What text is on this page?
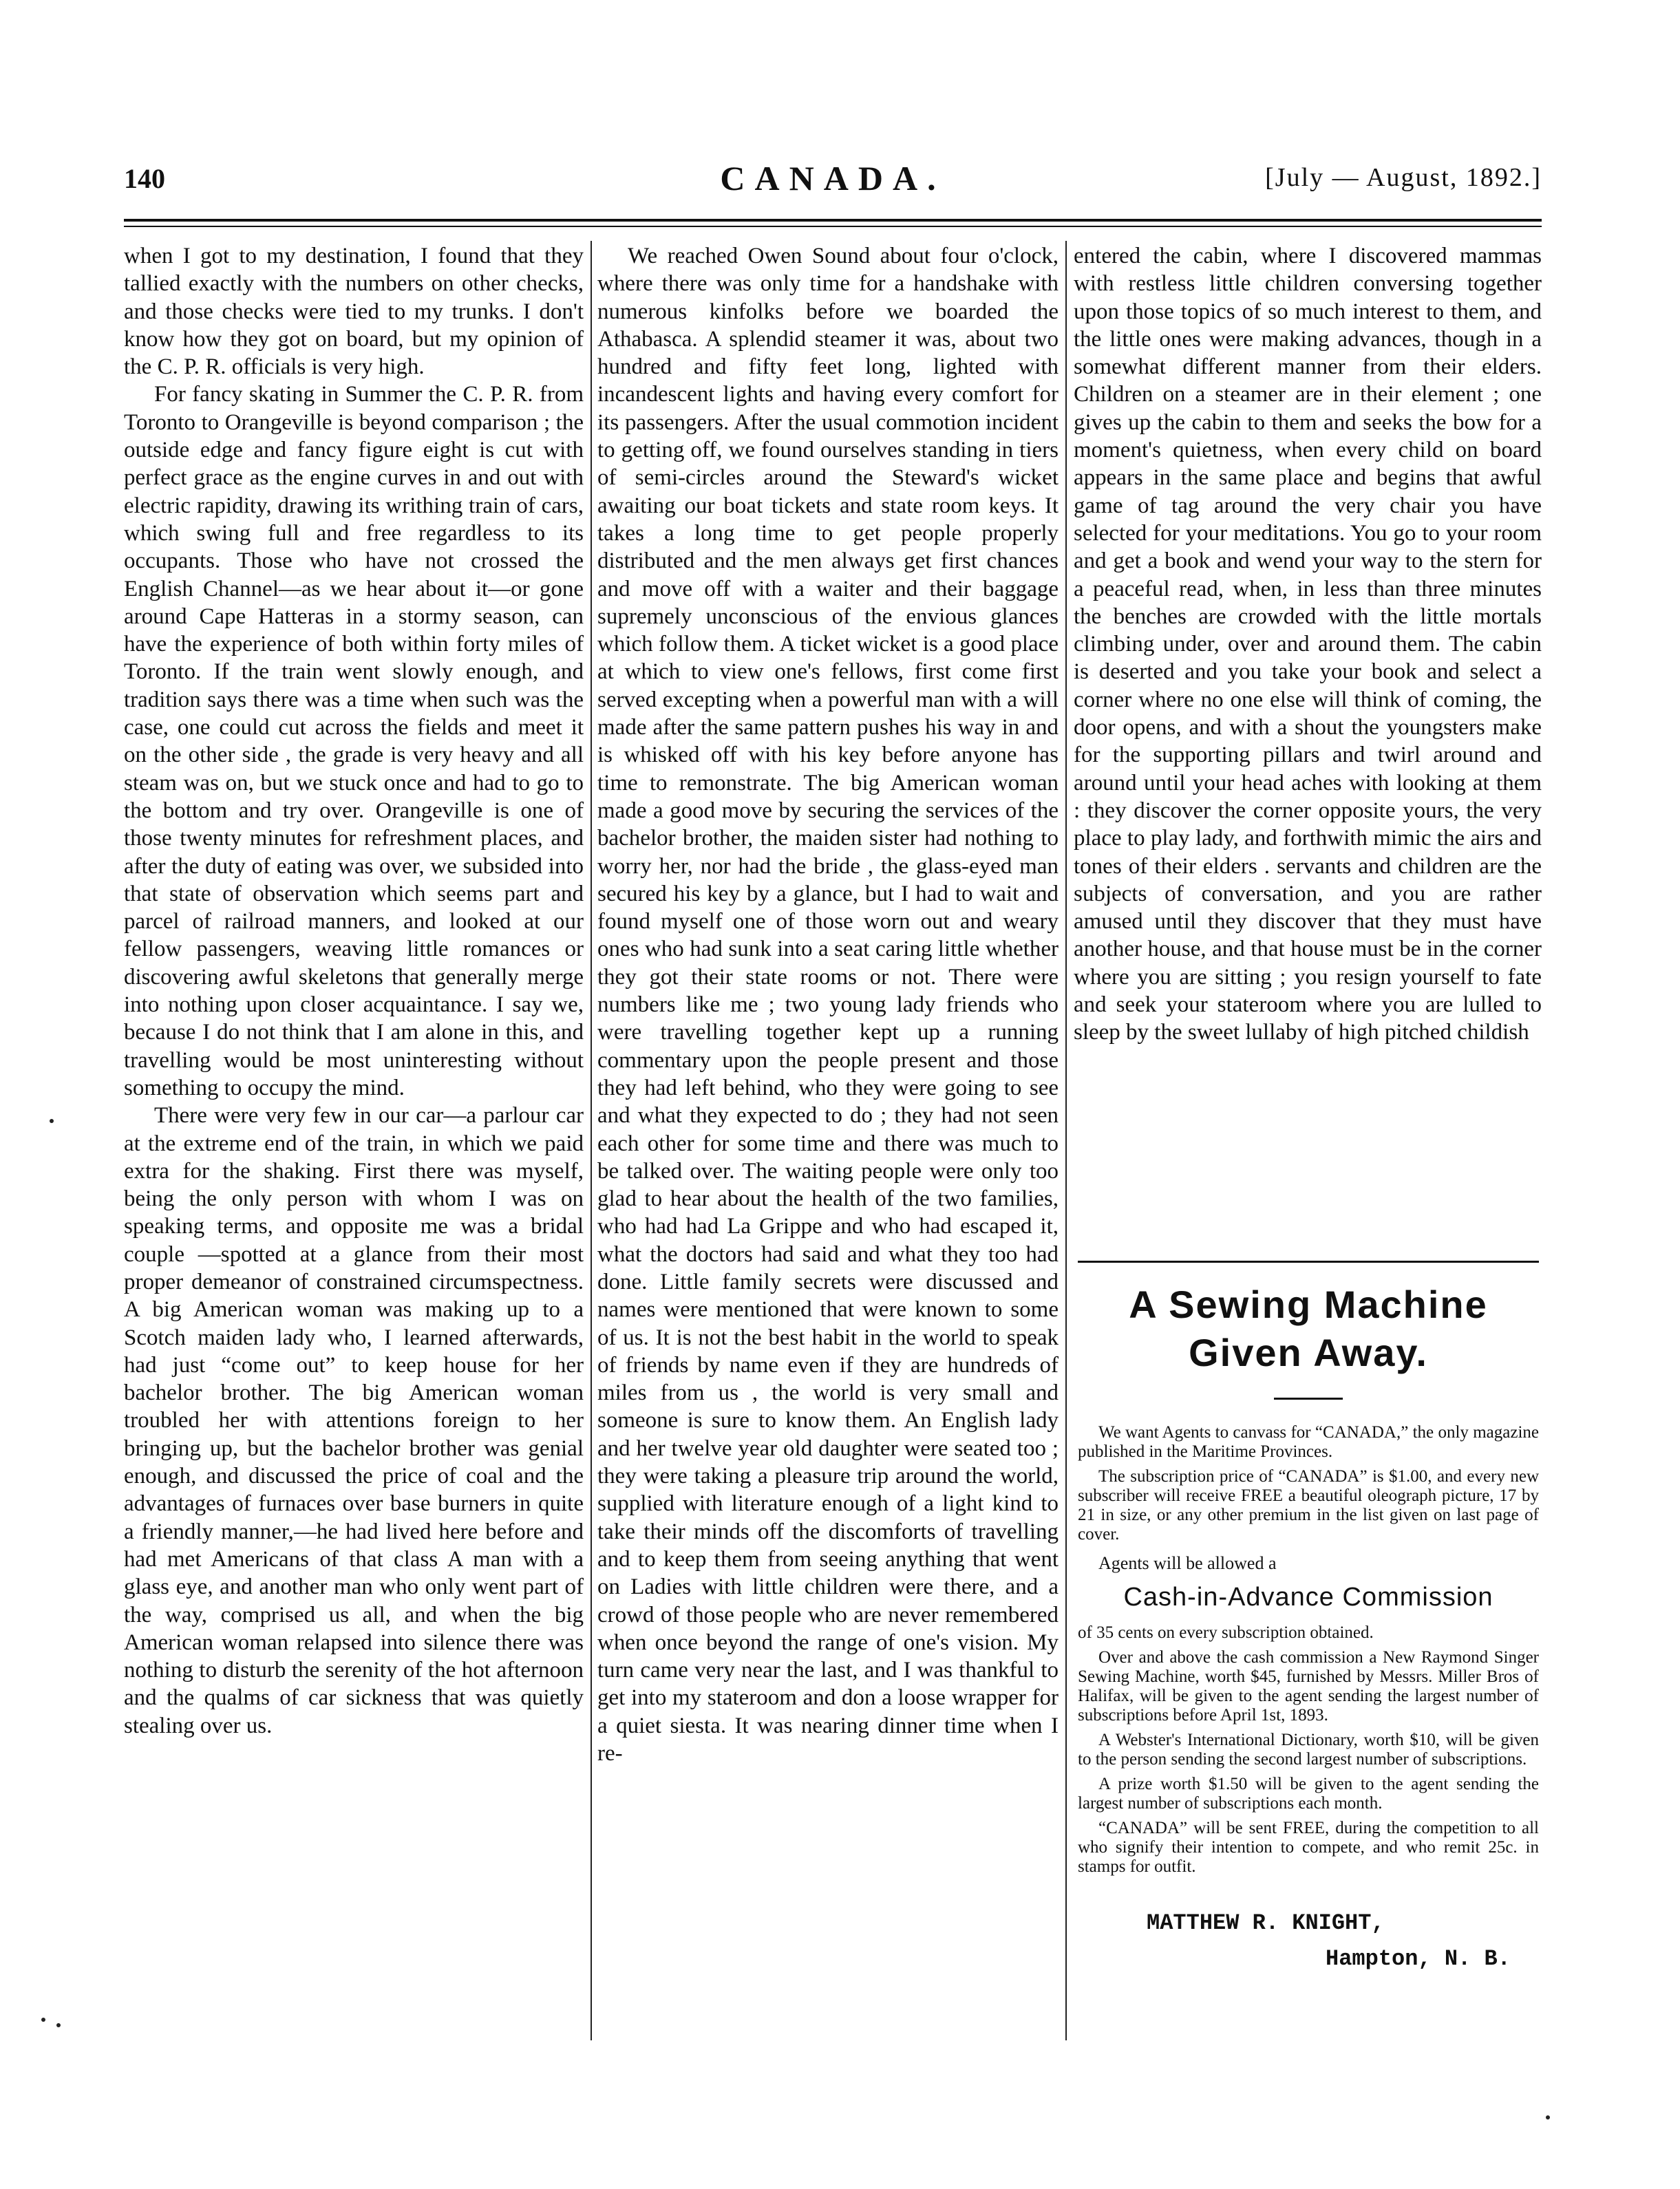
140	CANADA.	[July — August, 1892.]

when I got to my destination, I found that they tallied exactly with the numbers on other checks, and those checks were tied to my trunks. I don't know how they got on board, but my opinion of the C. P. R. officials is very high.

For fancy skating in Summer the C. P. R. from Toronto to Orangeville is beyond comparison ; the outside edge and fancy figure eight is cut with perfect grace as the engine curves in and out with electric rapidity, drawing its writhing train of cars, which swing full and free regardless to its occupants. Those who have not crossed the English Channel—as we hear about it—or gone around Cape Hatteras in a stormy season, can have the experience of both within forty miles of Toronto. If the train went slowly enough, and tradition says there was a time when such was the case, one could cut across the fields and meet it on the other side , the grade is very heavy and all steam was on, but we stuck once and had to go to the bottom and try over. Orangeville is one of those twenty minutes for refreshment places, and after the duty of eating was over, we subsided into that state of observation which seems part and parcel of railroad manners, and looked at our fellow passengers, weaving little romances or discovering awful skeletons that generally merge into nothing upon closer acquaintance. I say we, because I do not think that I am alone in this, and travelling would be most uninteresting without something to occupy the mind.

There were very few in our car—a parlour car at the extreme end of the train, in which we paid extra for the shaking. First there was myself, being the only person with whom I was on speaking terms, and opposite me was a bridal couple —spotted at a glance from their most proper demeanor of constrained circumspectness. A big American woman was making up to a Scotch maiden lady who, I learned afterwards, had just “come out” to keep house for her bachelor brother. The big American woman troubled her with attentions foreign to her bringing up, but the bachelor brother was genial enough, and discussed the price of coal and the advantages of furnaces over base burners in quite a friendly manner,—he had lived here before and had met Americans of that class A man with a glass eye, and another man who only went part of the way, comprised us all, and when the big American woman relapsed into silence there was nothing to disturb the serenity of the hot afternoon and the qualms of car sickness that was quietly stealing over us.

We reached Owen Sound about four o'clock, where there was only time for a handshake with numerous kinfolks before we boarded the Athabasca. A splendid steamer it was, about two hundred and fifty feet long, lighted with incandescent lights and having every comfort for its passengers. After the usual commotion incident to getting off, we found ourselves standing in tiers of semi-circles around the Steward's wicket awaiting our boat tickets and state room keys. It takes a long time to get people properly distributed and the men always get first chances and move off with a waiter and their baggage supremely unconscious of the envious glances which follow them. A ticket wicket is a good place at which to view one's fellows, first come first served excepting when a powerful man with a will made after the same pattern pushes his way in and is whisked off with his key before anyone has time to remonstrate. The big American woman made a good move by securing the services of the bachelor brother, the maiden sister had nothing to worry her, nor had the bride , the glass-eyed man secured his key by a glance, but I had to wait and found myself one of those worn out and weary ones who had sunk into a seat caring little whether they got their state rooms or not. There were numbers like me ; two young lady friends who were travelling together kept up a running commentary upon the people present and those they had left behind, who they were going to see and what they expected to do ; they had not seen each other for some time and there was much to be talked over. The waiting people were only too glad to hear about the health of the two families, who had had La Grippe and who had escaped it, what the doctors had said and what they too had done. Little family secrets were discussed and names were mentioned that were known to some of us. It is not the best habit in the world to speak of friends by name even if they are hundreds of miles from us , the world is very small and someone is sure to know them. An English lady and her twelve year old daughter were seated too ; they were taking a pleasure trip around the world, supplied with literature enough of a light kind to take their minds off the discomforts of travelling and to keep them from seeing anything that went on Ladies with little children were there, and a crowd of those people who are never remembered when once beyond the range of one's vision. My turn came very near the last, and I was thankful to get into my stateroom and don a loose wrapper for a quiet siesta. It was nearing dinner time when I re-

entered the cabin, where I discovered mammas with restless little children conversing together upon those topics of so much interest to them, and the little ones were making advances, though in a somewhat different manner from their elders. Children on a steamer are in their element ; one gives up the cabin to them and seeks the bow for a moment's quietness, when every child on board appears in the same place and begins that awful game of tag around the very chair you have selected for your meditations. You go to your room and get a book and wend your way to the stern for a peaceful read, when, in less than three minutes the benches are crowded with the little mortals climbing under, over and around them. The cabin is deserted and you take your book and select a corner where no one else will think of coming, the door opens, and with a shout the youngsters make for the supporting pillars and twirl around and around until your head aches with looking at them : they discover the corner opposite yours, the very place to play lady, and forthwith mimic the airs and tones of their elders . servants and children are the subjects of conversation, and you are rather amused until they discover that they must have another house, and that house must be in the corner where you are sitting ; you resign yourself to fate and seek your stateroom where you are lulled to sleep by the sweet lullaby of high pitched childish

A Sewing Machine
Given Away.

We want Agents to canvass for “CANADA,” the only magazine published in the Maritime Provinces.

The subscription price of “CANADA” is $1.00, and every new subscriber will receive FREE a beautiful oleograph picture, 17 by 21 in size, or any other premium in the list given on last page of cover.

Agents will be allowed a

Cash-in-Advance Commission

of 35 cents on every subscription obtained.

Over and above the cash commission a New Raymond Singer Sewing Machine, worth $45, furnished by Messrs. Miller Bros of Halifax, will be given to the agent sending the largest number of subscriptions before April 1st, 1893.

A Webster's International Dictionary, worth $10, will be given to the person sending the second largest number of subscriptions.

A prize worth $1.50 will be given to the agent sending the largest number of subscriptions each month.

“CANADA” will be sent FREE, during the competition to all who signify their intention to compete, and who remit 25c. in stamps for outfit.

MATTHEW R. KNIGHT,
Hampton, N. B.
